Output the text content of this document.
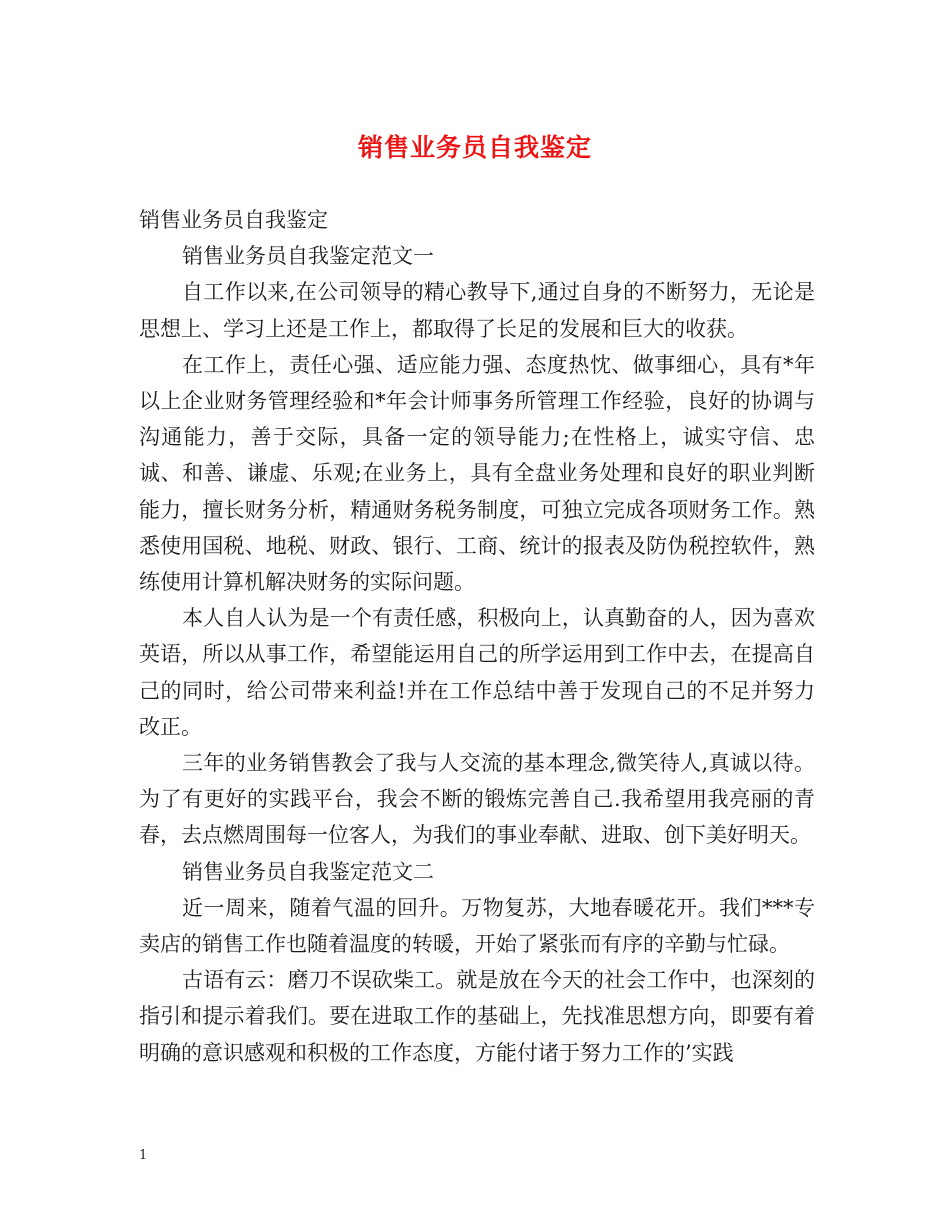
销售业务员自我鉴定

销售业务员自我鉴定

销售业务员自我鉴定范文一

自工作以来,在公司领导的精心教导下,通过自身的不断努力，无论是思想上、学习上还是工作上，都取得了长足的发展和巨大的收获。

在工作上，责任心强、适应能力强、态度热忱、做事细心，具有*年以上企业财务管理经验和*年会计师事务所管理工作经验，良好的协调与沟通能力，善于交际，具备一定的领导能力;在性格上，诚实守信、忠诚、和善、谦虚、乐观;在业务上，具有全盘业务处理和良好的职业判断能力，擅长财务分析，精通财务税务制度，可独立完成各项财务工作。熟悉使用国税、地税、财政、银行、工商、统计的报表及防伪税控软件，熟练使用计算机解决财务的实际问题。

本人自人认为是一个有责任感，积极向上，认真勤奋的人，因为喜欢英语，所以从事工作，希望能运用自己的所学运用到工作中去，在提高自己的同时，给公司带来利益!并在工作总结中善于发现自己的不足并努力改正。

三年的业务销售教会了我与人交流的基本理念,微笑待人,真诚以待。为了有更好的实践平台，我会不断的锻炼完善自己.我希望用我亮丽的青春，去点燃周围每一位客人，为我们的事业奉献、进取、创下美好明天。

销售业务员自我鉴定范文二

近一周来，随着气温的回升。万物复苏，大地春暖花开。我们***专卖店的销售工作也随着温度的转暖，开始了紧张而有序的辛勤与忙碌。

古语有云：磨刀不误砍柴工。就是放在今天的社会工作中，也深刻的指引和提示着我们。要在进取工作的基础上，先找准思想方向，即要有着明确的意识感观和积极的工作态度，方能付诸于努力工作的’实践

1
